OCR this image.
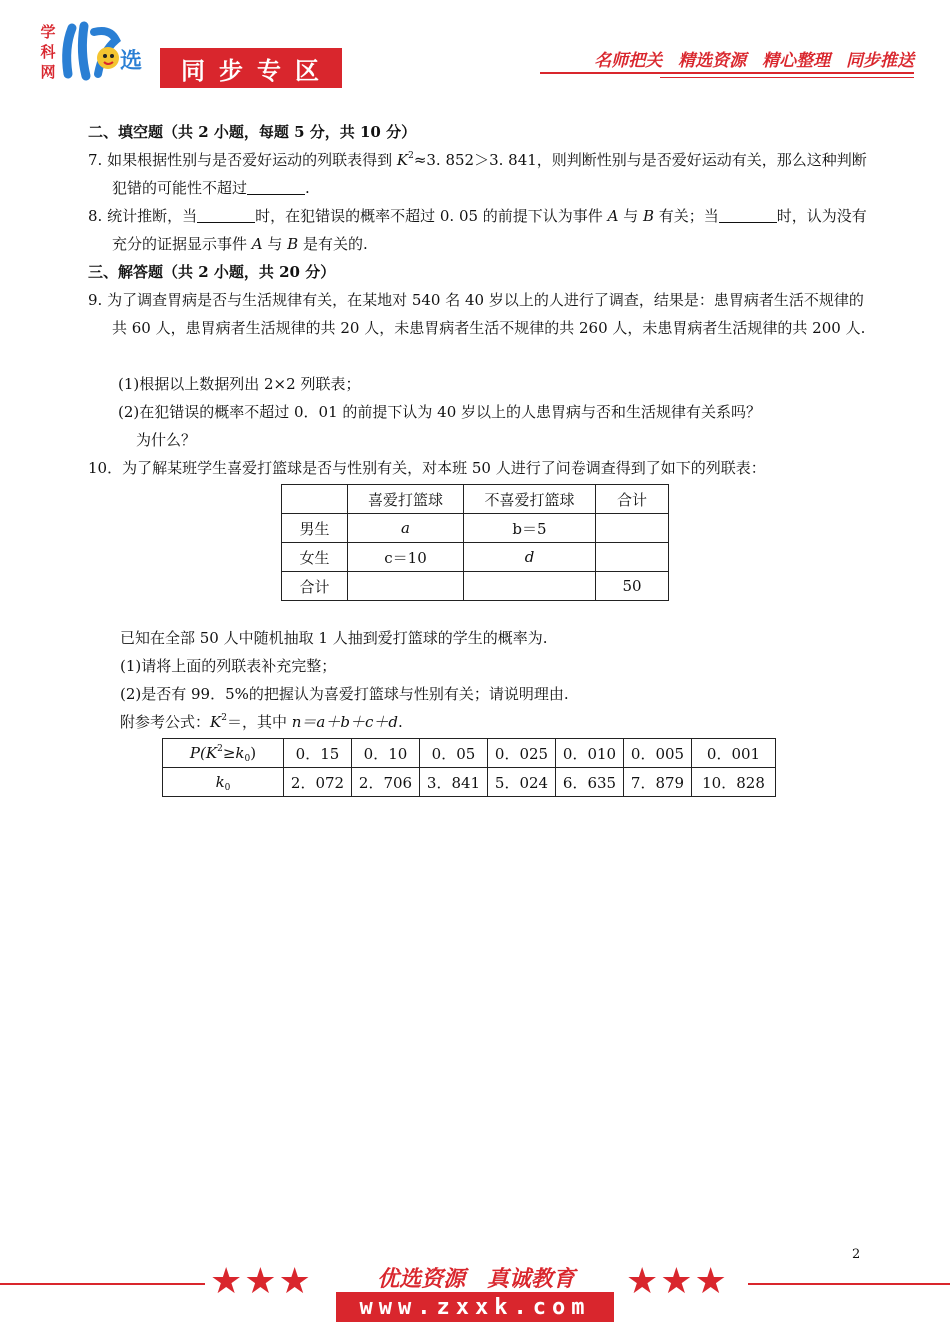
学
科
网	选	同步专区	名师把关 精选资源 精心整理 同步推送

二、填空题（共 2 小题，每题 5 分，共 10 分）

7. 如果根据性别与是否爱好运动的列联表得到 $K^2\approx 3$. 852＞3. 841，则判断性别与是否爱好运动有关，那么这种判断犯错的可能性不超过	.

8. 统计推断，当	时，在犯错误的概率不超过 0. 05 的前提下认为事件 A 与 B 有关；当	时，认为没有充分的证据显示事件 A 与 B 是有关的.

三、解答题（共 2 小题，共 20 分）

9. 为了调查胃病是否与生活规律有关，在某地对 540 名 40 岁以上的人进行了调查，结果是：患胃病者生活不规律的共 60 人，患胃病者生活规律的共 20 人，未患胃病者生活不规律的共 260 人，未患胃病者生活规律的共 200 人.

(1)根据以上数据列出 2×2 列联表；

(2)在犯错误的概率不超过 0．01 的前提下认为 40 岁以上的人患胃病与否和生活规律有关系吗？

为什么？

10．为了解某班学生喜爱打篮球是否与性别有关，对本班 50 人进行了问卷调查得到了如下的列联表：

已知在全部 50 人中随机抽取 1 人抽到爱打篮球的学生的概率为.

(1)请将上面的列联表补充完整；

(2)是否有 99．5%的把握认为喜爱打篮球与性别有关；请说明理由.

附参考公式：$K^2=$，其中 n＝a＋b＋c＋d.

	喜爱打篮球	不喜爱打篮球	合计
男生	a	b＝5	
女生	c＝10	d	
合计			50
$P(K^2\ge k_0)$	0．15	0．10	0．05	0．025	0．010	0．005	0．001
$k_0$	2．072	2．706	3．841	5．024	6．635	7．879	10．828
2
★★★	★★★
优选资源 真诚教育
www.zxxk.com
